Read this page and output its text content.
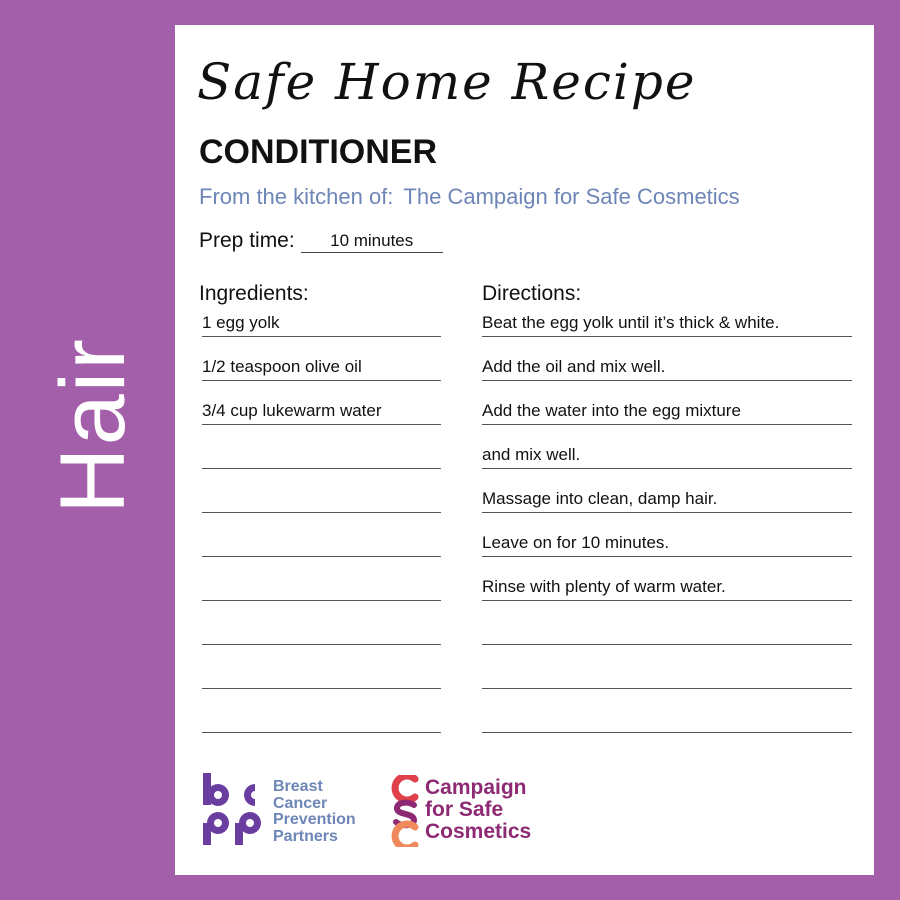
Hair
Safe Home Recipe
CONDITIONER
From the kitchen of: The Campaign for Safe Cosmetics
Prep time:	10 minutes
Ingredients:	Directions:
1 egg yolk
1/2 teaspoon olive oil
3/4 cup lukewarm water
Beat the egg yolk until it’s thick & white.
Add the oil and mix well.
Add the water into the egg mixture
and mix well.
Massage into clean, damp hair.
Leave on for 10 minutes.
Rinse with plenty of warm water.
Breast
Cancer
Prevention
Partners
Campaign
for Safe
Cosmetics
